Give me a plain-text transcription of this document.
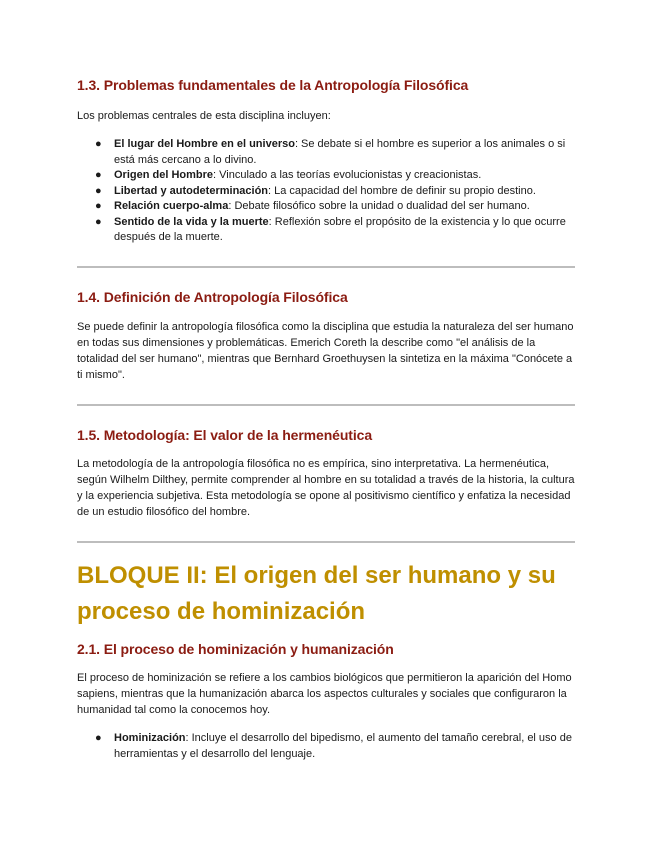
1.3. Problemas fundamentales de la Antropología Filosófica

Los problemas centrales de esta disciplina incluyen:

● El lugar del Hombre en el universo: Se debate si el hombre es superior a los animales o si está más cercano a lo divino.
● Origen del Hombre: Vinculado a las teorías evolucionistas y creacionistas.
● Libertad y autodeterminación: La capacidad del hombre de definir su propio destino.
● Relación cuerpo-alma: Debate filosófico sobre la unidad o dualidad del ser humano.
● Sentido de la vida y la muerte: Reflexión sobre el propósito de la existencia y lo que ocurre después de la muerte.
1.4. Definición de Antropología Filosófica

Se puede definir la antropología filosófica como la disciplina que estudia la naturaleza del ser humano en todas sus dimensiones y problemáticas. Emerich Coreth la describe como "el análisis de la totalidad del ser humano", mientras que Bernhard Groethuysen la sintetiza en la máxima "Conócete a ti mismo".

1.5. Metodología: El valor de la hermenéutica

La metodología de la antropología filosófica no es empírica, sino interpretativa. La hermenéutica, según Wilhelm Dilthey, permite comprender al hombre en su totalidad a través de la historia, la cultura y la experiencia subjetiva. Esta metodología se opone al positivismo científico y enfatiza la necesidad de un estudio filosófico del hombre.

BLOQUE II: El origen del ser humano y su proceso de hominización
2.1. El proceso de hominización y humanización

El proceso de hominización se refiere a los cambios biológicos que permitieron la aparición del Homo sapiens, mientras que la humanización abarca los aspectos culturales y sociales que configuraron la humanidad tal como la conocemos hoy.

● Hominización: Incluye el desarrollo del bipedismo, el aumento del tamaño cerebral, el uso de herramientas y el desarrollo del lenguaje.
